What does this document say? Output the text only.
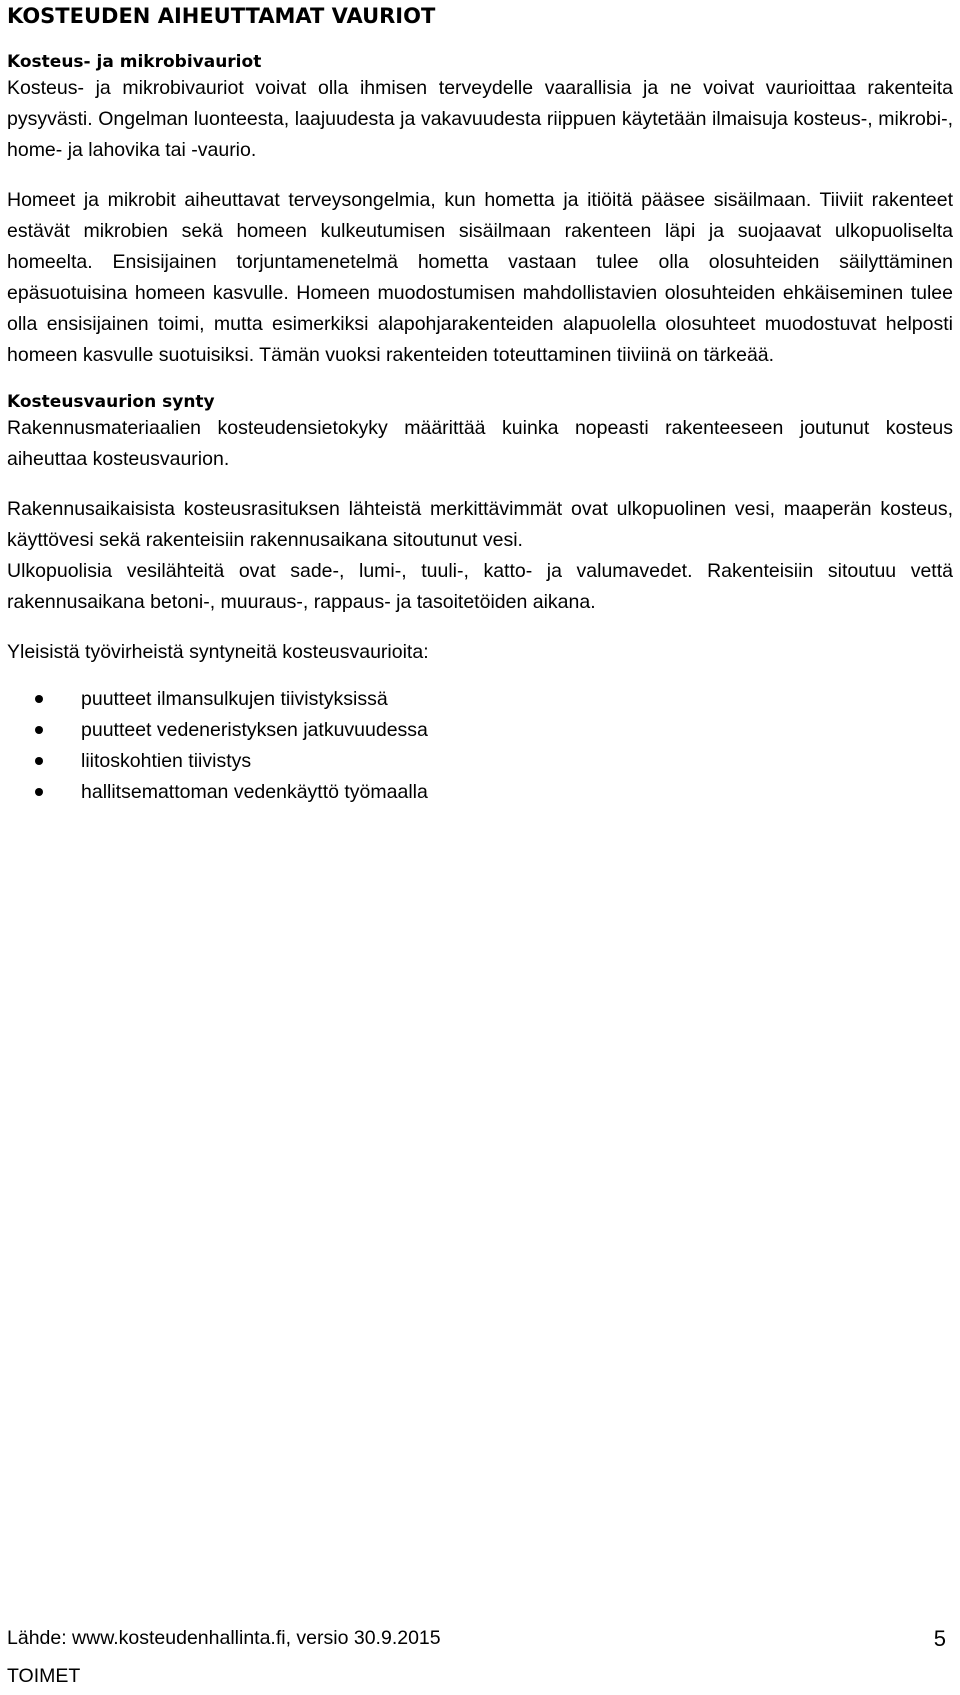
KOSTEUDEN AIHEUTTAMAT VAURIOT
Kosteus- ja mikrobivauriot

Kosteus- ja mikrobivauriot voivat olla ihmisen terveydelle vaarallisia ja ne voivat vaurioittaa rakenteita pysyvästi. Ongelman luonteesta, laajuudesta ja vakavuudesta riippuen käytetään ilmaisuja kosteus-, mikrobi-, home- ja lahovika tai -vaurio.

Homeet ja mikrobit aiheuttavat terveysongelmia, kun hometta ja itiöitä pääsee sisäilmaan. Tiiviit rakenteet estävät mikrobien sekä homeen kulkeutumisen sisäilmaan rakenteen läpi ja suojaavat ulkopuoliselta homeelta. Ensisijainen torjuntamenetelmä hometta vastaan tulee olla olosuhteiden säilyttäminen epäsuotuisina homeen kasvulle. Homeen muodostumisen mahdollistavien olosuhteiden ehkäiseminen tulee olla ensisijainen toimi, mutta esimerkiksi alapohjarakenteiden alapuolella olosuhteet muodostuvat helposti homeen kasvulle suotuisiksi. Tämän vuoksi rakenteiden toteuttaminen tiiviinä on tärkeää.

Kosteusvaurion synty

Rakennusmateriaalien kosteudensietokyky määrittää kuinka nopeasti rakenteeseen joutunut kosteus aiheuttaa kosteusvaurion.

Rakennusaikaisista kosteusrasituksen lähteistä merkittävimmät ovat ulkopuolinen vesi, maaperän kosteus, käyttövesi sekä rakenteisiin rakennusaikana sitoutunut vesi.

Ulkopuolisia vesilähteitä ovat sade-, lumi-, tuuli-, katto- ja valumavedet. Rakenteisiin sitoutuu vettä rakennusaikana betoni-, muuraus-, rappaus- ja tasoitetöiden aikana.

Yleisistä työvirheistä syntyneitä kosteusvaurioita:

puutteet ilmansulkujen tiivistyksissä
puutteet vedeneristyksen jatkuvuudessa
liitoskohtien tiivistys
hallitsemattoman vedenkäyttö työmaalla
Lähde: www.kosteudenhallinta.fi, versio 30.9.2015	5
TOIMET
